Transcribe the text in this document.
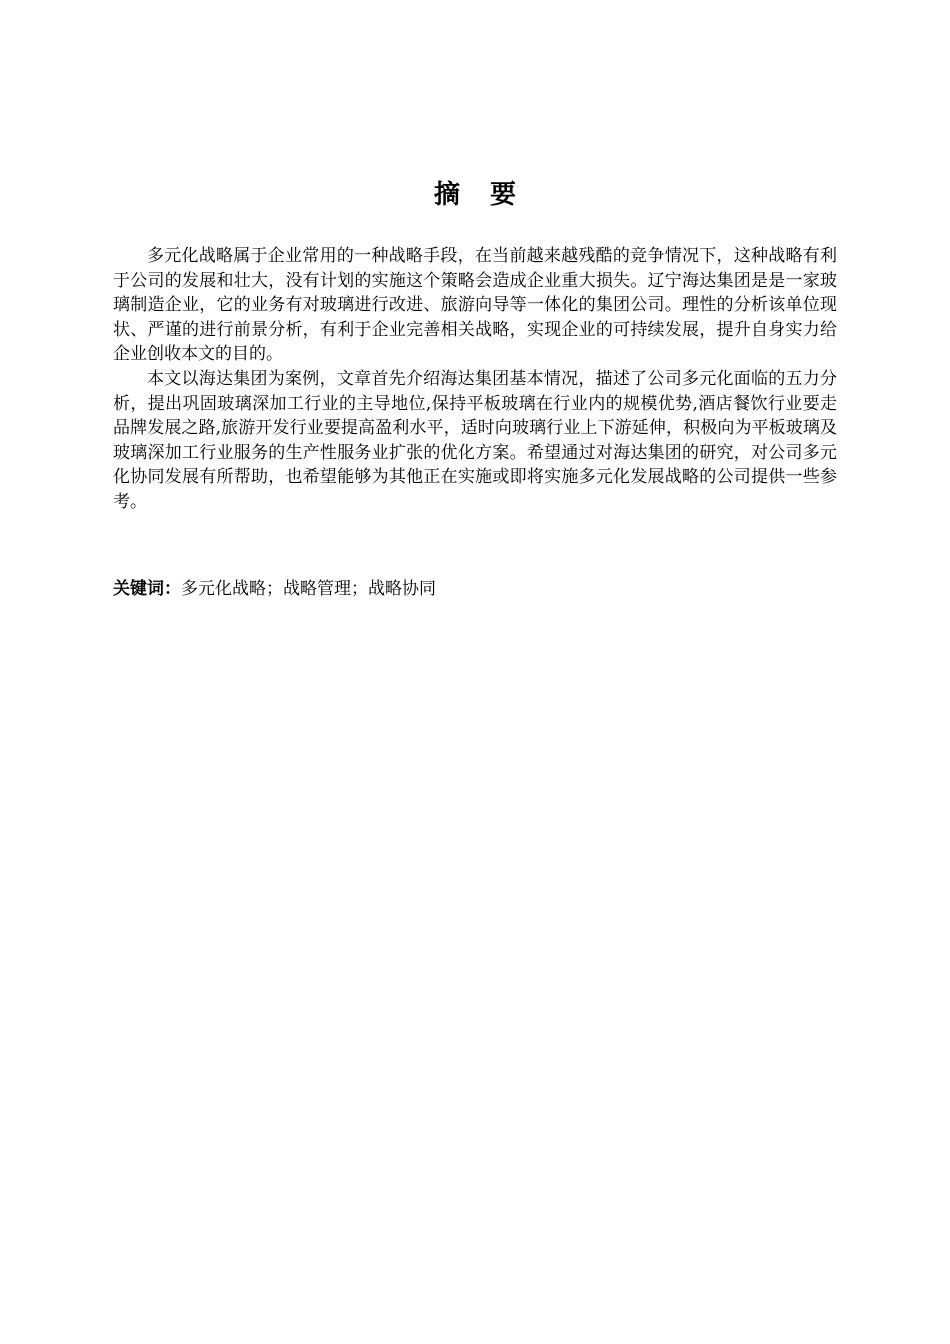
摘要

多元化战略属于企业常用的一种战略手段，在当前越来越残酷的竞争情况下，这种战略有利于公司的发展和壮大，没有计划的实施这个策略会造成企业重大损失。辽宁海达集团是是一家玻璃制造企业，它的业务有对玻璃进行改进、旅游向导等一体化的集团公司。理性的分析该单位现状、严谨的进行前景分析，有利于企业完善相关战略，实现企业的可持续发展，提升自身实力给企业创收本文的目的。

本文以海达集团为案例，文章首先介绍海达集团基本情况，描述了公司多元化面临的五力分析，提出巩固玻璃深加工行业的主导地位,保持平板玻璃在行业内的规模优势,酒店餐饮行业要走品牌发展之路,旅游开发行业要提高盈利水平，适时向玻璃行业上下游延伸，积极向为平板玻璃及玻璃深加工行业服务的生产性服务业扩张的优化方案。希望通过对海达集团的研究，对公司多元化协同发展有所帮助，也希望能够为其他正在实施或即将实施多元化发展战略的公司提供一些参考。

关键词：多元化战略；战略管理；战略协同
